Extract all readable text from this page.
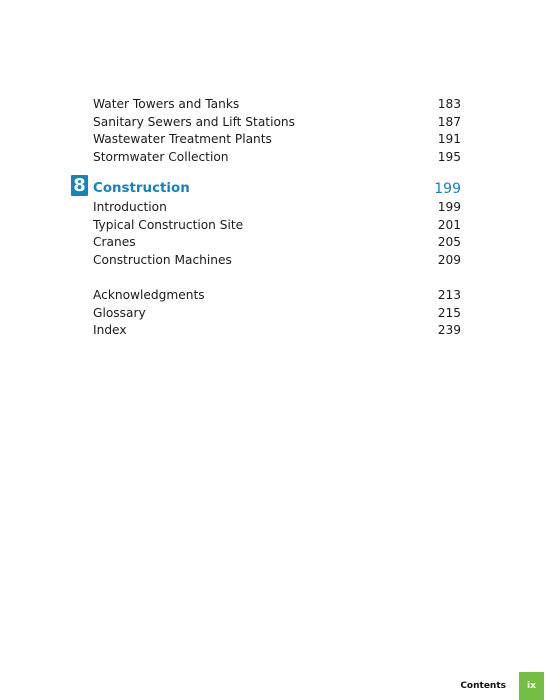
Water Towers and Tanks	183
Sanitary Sewers and Lift Stations	187
Wastewater Treatment Plants	191
Stormwater Collection	195
8 Construction	199
Introduction	199
Typical Construction Site	201
Cranes	205
Construction Machines	209
Acknowledgments	213
Glossary	215
Index	239
Contents	ix
